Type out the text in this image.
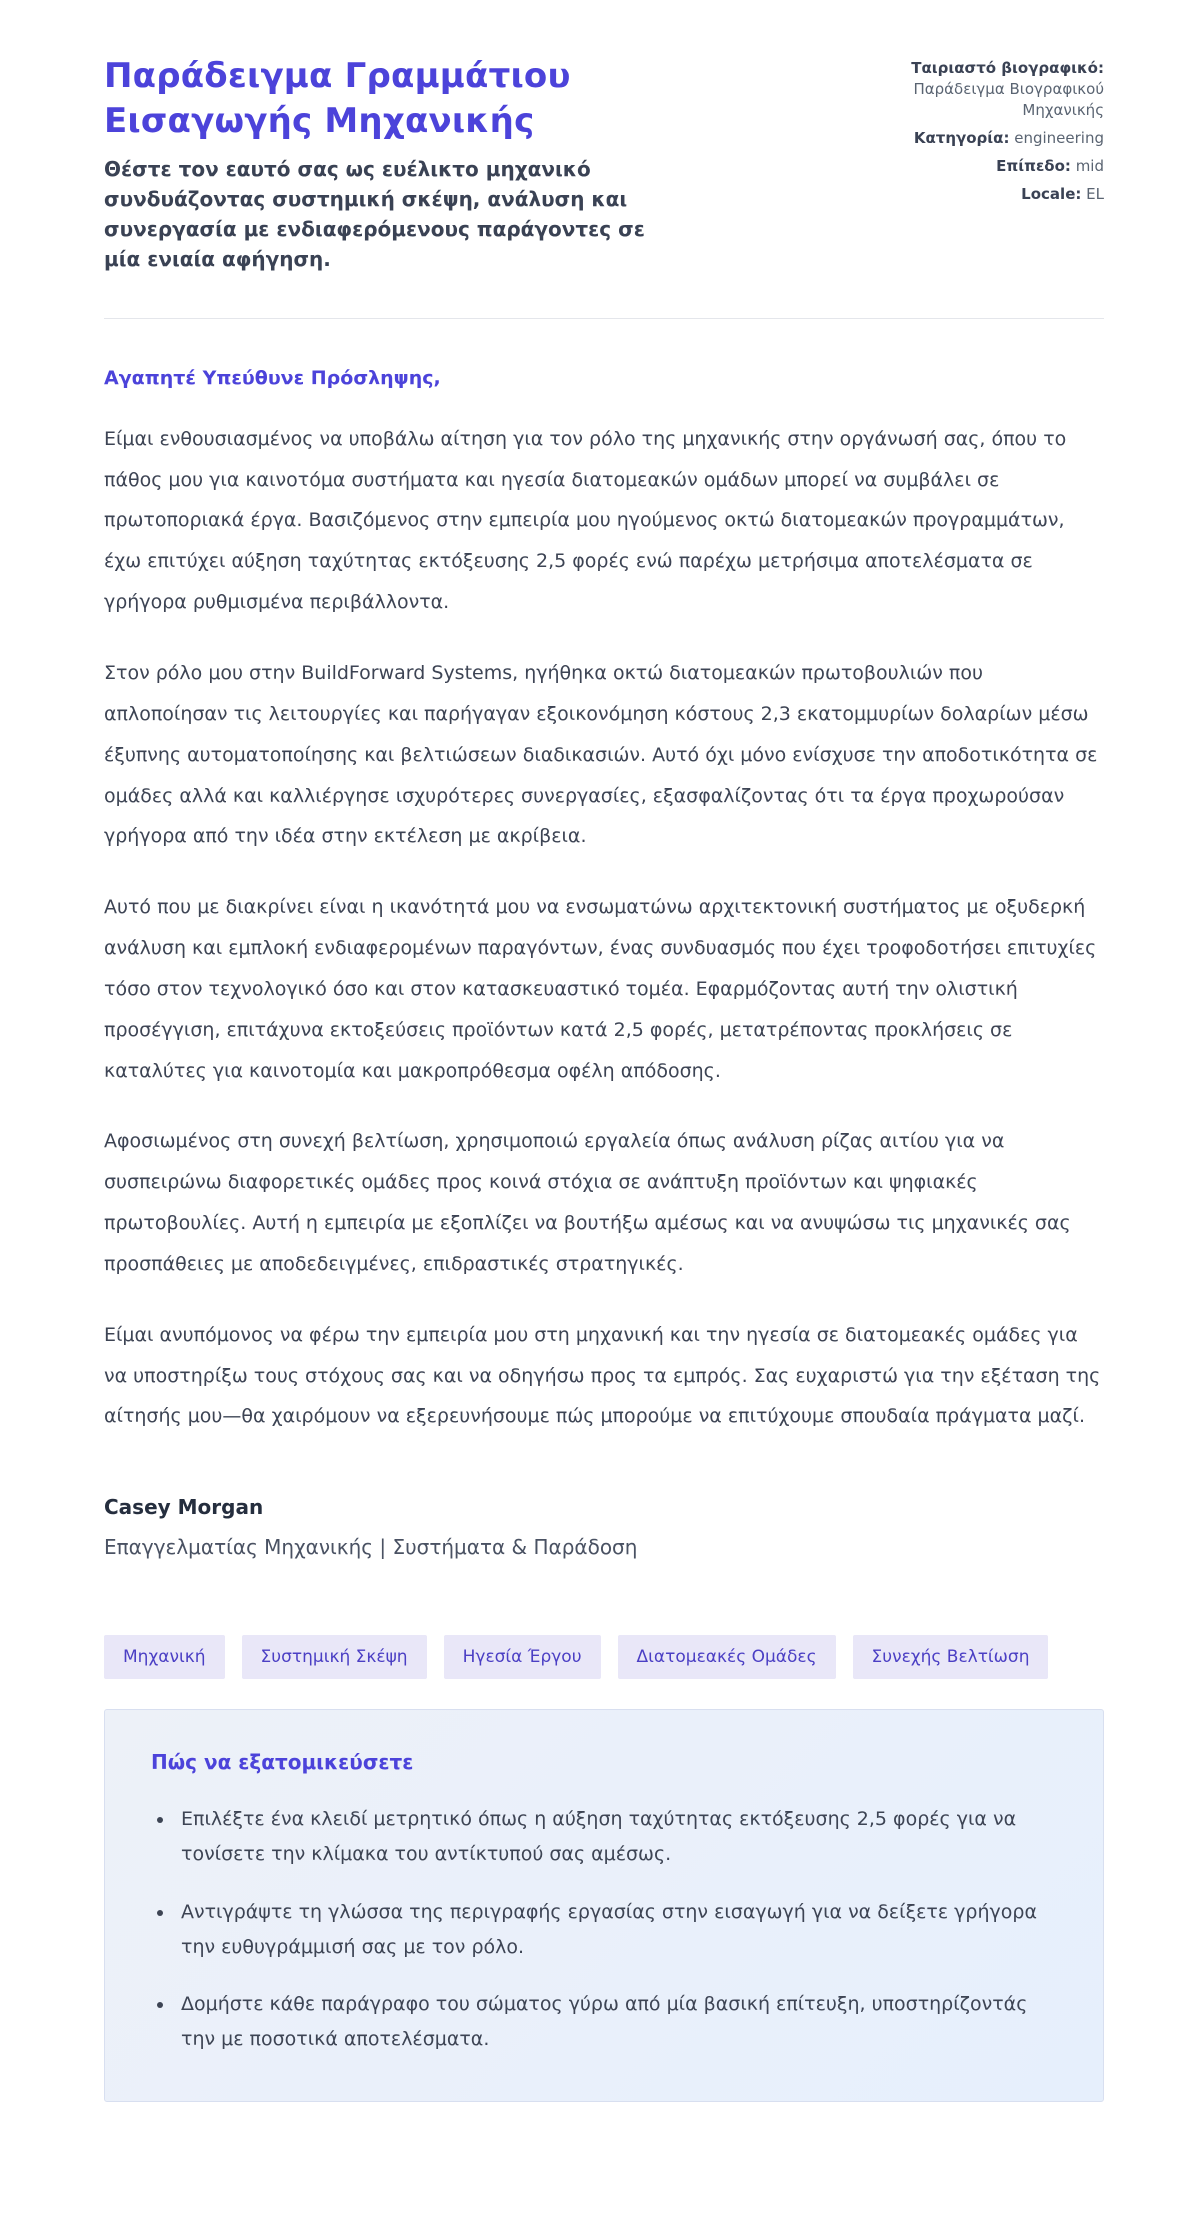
Παράδειγμα Γραμμάτιου Εισαγωγής Μηχανικής

Θέστε τον εαυτό σας ως ευέλικτο μηχανικό συνδυάζοντας συστημική σκέψη, ανάλυση και συνεργασία με ενδιαφερόμενους παράγοντες σε μία ενιαία αφήγηση.

Ταιριαστό βιογραφικό: Παράδειγμα Βιογραφικού Μηχανικής
Κατηγορία: engineering
Επίπεδο: mid
Locale: EL

Αγαπητέ Υπεύθυνε Πρόσληψης,

Είμαι ενθουσιασμένος να υποβάλω αίτηση για τον ρόλο της μηχανικής στην οργάνωσή σας, όπου το πάθος μου για καινοτόμα συστήματα και ηγεσία διατομεακών ομάδων μπορεί να συμβάλει σε πρωτοποριακά έργα. Βασιζόμενος στην εμπειρία μου ηγούμενος οκτώ διατομεακών προγραμμάτων, έχω επιτύχει αύξηση ταχύτητας εκτόξευσης 2,5 φορές ενώ παρέχω μετρήσιμα αποτελέσματα σε γρήγορα ρυθμισμένα περιβάλλοντα.

Στον ρόλο μου στην BuildForward Systems, ηγήθηκα οκτώ διατομεακών πρωτοβουλιών που απλοποίησαν τις λειτουργίες και παρήγαγαν εξοικονόμηση κόστους 2,3 εκατομμυρίων δολαρίων μέσω έξυπνης αυτοματοποίησης και βελτιώσεων διαδικασιών. Αυτό όχι μόνο ενίσχυσε την αποδοτικότητα σε ομάδες αλλά και καλλιέργησε ισχυρότερες συνεργασίες, εξασφαλίζοντας ότι τα έργα προχωρούσαν γρήγορα από την ιδέα στην εκτέλεση με ακρίβεια.

Αυτό που με διακρίνει είναι η ικανότητά μου να ενσωματώνω αρχιτεκτονική συστήματος με οξυδερκή ανάλυση και εμπλοκή ενδιαφερομένων παραγόντων, ένας συνδυασμός που έχει τροφοδοτήσει επιτυχίες τόσο στον τεχνολογικό όσο και στον κατασκευαστικό τομέα. Εφαρμόζοντας αυτή την ολιστική προσέγγιση, επιτάχυνα εκτοξεύσεις προϊόντων κατά 2,5 φορές, μετατρέποντας προκλήσεις σε καταλύτες για καινοτομία και μακροπρόθεσμα οφέλη απόδοσης.

Αφοσιωμένος στη συνεχή βελτίωση, χρησιμοποιώ εργαλεία όπως ανάλυση ρίζας αιτίου για να συσπειρώνω διαφορετικές ομάδες προς κοινά στόχια σε ανάπτυξη προϊόντων και ψηφιακές πρωτοβουλίες. Αυτή η εμπειρία με εξοπλίζει να βουτήξω αμέσως και να ανυψώσω τις μηχανικές σας προσπάθειες με αποδεδειγμένες, επιδραστικές στρατηγικές.

Είμαι ανυπόμονος να φέρω την εμπειρία μου στη μηχανική και την ηγεσία σε διατομεακές ομάδες για να υποστηρίξω τους στόχους σας και να οδηγήσω προς τα εμπρός. Σας ευχαριστώ για την εξέταση της αίτησής μου—θα χαιρόμουν να εξερευνήσουμε πώς μπορούμε να επιτύχουμε σπουδαία πράγματα μαζί.

Casey Morgan

Επαγγελματίας Μηχανικής | Συστήματα & Παράδοση

Μηχανική	Συστημική Σκέψη	Ηγεσία Έργου	Διατομεακές Ομάδες	Συνεχής Βελτίωση
Πώς να εξατομικεύσετε
• Επιλέξτε ένα κλειδί μετρητικό όπως η αύξηση ταχύτητας εκτόξευσης 2,5 φορές για να τονίσετε την κλίμακα του αντίκτυπού σας αμέσως.
• Αντιγράψτε τη γλώσσα της περιγραφής εργασίας στην εισαγωγή για να δείξετε γρήγορα την ευθυγράμμισή σας με τον ρόλο.
• Δομήστε κάθε παράγραφο του σώματος γύρω από μία βασική επίτευξη, υποστηρίζοντάς την με ποσοτικά αποτελέσματα.
